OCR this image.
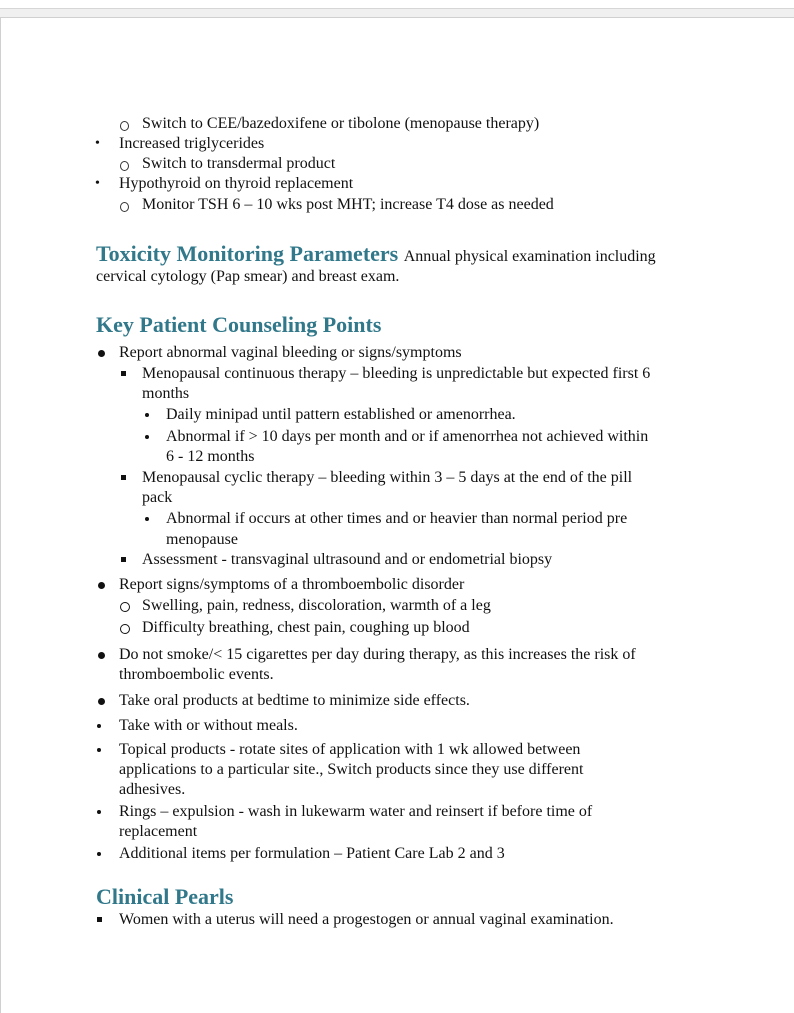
Switch to CEE/bazedoxifene or tibolone (menopause therapy)
• Increased triglycerides
Switch to transdermal product
• Hypothyroid on thyroid replacement
Monitor TSH 6 – 10 wks post MHT; increase T4 dose as needed
Toxicity Monitoring Parameters Annual physical examination including
cervical cytology (Pap smear) and breast exam.
Key Patient Counseling Points
Report abnormal vaginal bleeding or signs/symptoms
Menopausal continuous therapy – bleeding is unpredictable but expected first 6
months
Daily minipad until pattern established or amenorrhea.
Abnormal if > 10 days per month and or if amenorrhea not achieved within
6 - 12 months
Menopausal cyclic therapy – bleeding within 3 – 5 days at the end of the pill
pack
Abnormal if occurs at other times and or heavier than normal period pre
menopause
Assessment - transvaginal ultrasound and or endometrial biopsy
Report signs/symptoms of a thromboembolic disorder
Swelling, pain, redness, discoloration, warmth of a leg
Difficulty breathing, chest pain, coughing up blood
Do not smoke/< 15 cigarettes per day during therapy, as this increases the risk of
thromboembolic events.
Take oral products at bedtime to minimize side effects.
Take with or without meals.
Topical products - rotate sites of application with 1 wk allowed between
applications to a particular site., Switch products since they use different
adhesives.
Rings – expulsion - wash in lukewarm water and reinsert if before time of
replacement
Additional items per formulation – Patient Care Lab 2 and 3
Clinical Pearls
Women with a uterus will need a progestogen or annual vaginal examination.
